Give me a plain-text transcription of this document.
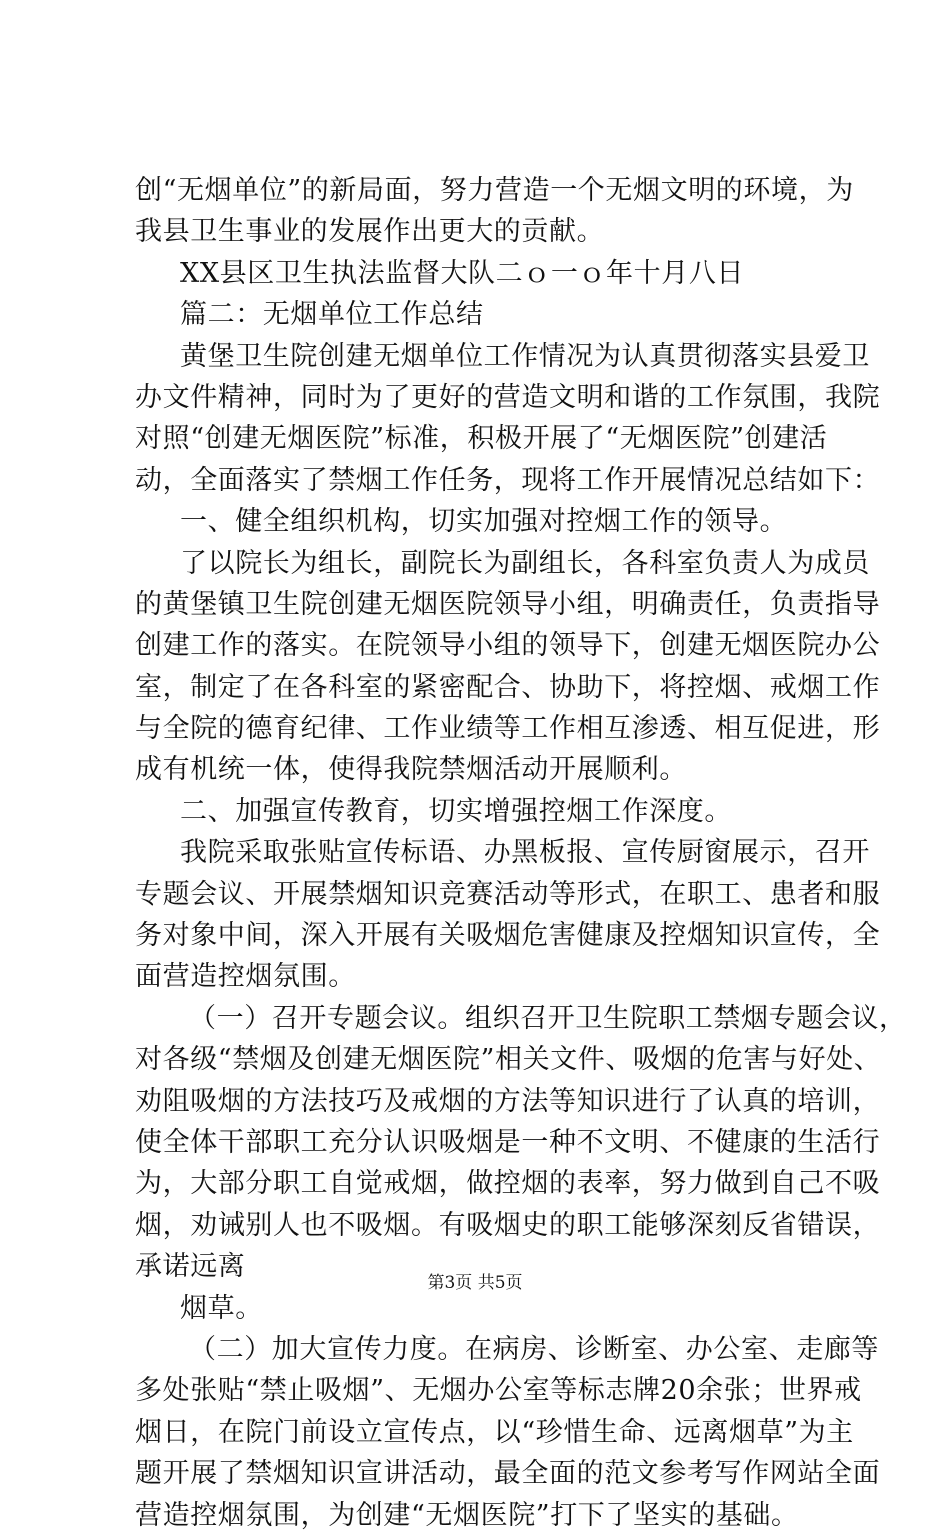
创“无烟单位”的新局面，努力营造一个无烟文明的环境，为
我县卫生事业的发展作出更大的贡献。
XX县区卫生执法监督大队二ｏ一ｏ年十月八日
篇二：无烟单位工作总结
黄堡卫生院创建无烟单位工作情况为认真贯彻落实县爱卫
办文件精神，同时为了更好的营造文明和谐的工作氛围，我院
对照“创建无烟医院”标准，积极开展了“无烟医院”创建活
动，全面落实了禁烟工作任务，现将工作开展情况总结如下：
一、健全组织机构，切实加强对控烟工作的领导。
了以院长为组长，副院长为副组长，各科室负责人为成员
的黄堡镇卫生院创建无烟医院领导小组，明确责任，负责指导
创建工作的落实。在院领导小组的领导下，创建无烟医院办公
室，制定了在各科室的紧密配合、协助下，将控烟、戒烟工作
与全院的德育纪律、工作业绩等工作相互渗透、相互促进，形
成有机统一体，使得我院禁烟活动开展顺利。
二、加强宣传教育，切实增强控烟工作深度。
我院采取张贴宣传标语、办黑板报、宣传厨窗展示，召开
专题会议、开展禁烟知识竞赛活动等形式，在职工、患者和服
务对象中间，深入开展有关吸烟危害健康及控烟知识宣传，全
面营造控烟氛围。
（一）召开专题会议。组织召开卫生院职工禁烟专题会议，
对各级“禁烟及创建无烟医院”相关文件、吸烟的危害与好处、
劝阻吸烟的方法技巧及戒烟的方法等知识进行了认真的培训，
使全体干部职工充分认识吸烟是一种不文明、不健康的生活行
为，大部分职工自觉戒烟，做控烟的表率，努力做到自己不吸
烟，劝诫别人也不吸烟。有吸烟史的职工能够深刻反省错误，
承诺远离
烟草。
（二）加大宣传力度。在病房、诊断室、办公室、走廊等
多处张贴“禁止吸烟”、无烟办公室等标志牌20余张；世界戒
烟日，在院门前设立宣传点，以“珍惜生命、远离烟草”为主
题开展了禁烟知识宣讲活动，最全面的范文参考写作网站全面
营造控烟氛围，为创建“无烟医院”打下了坚实的基础。
第3页 共5页
